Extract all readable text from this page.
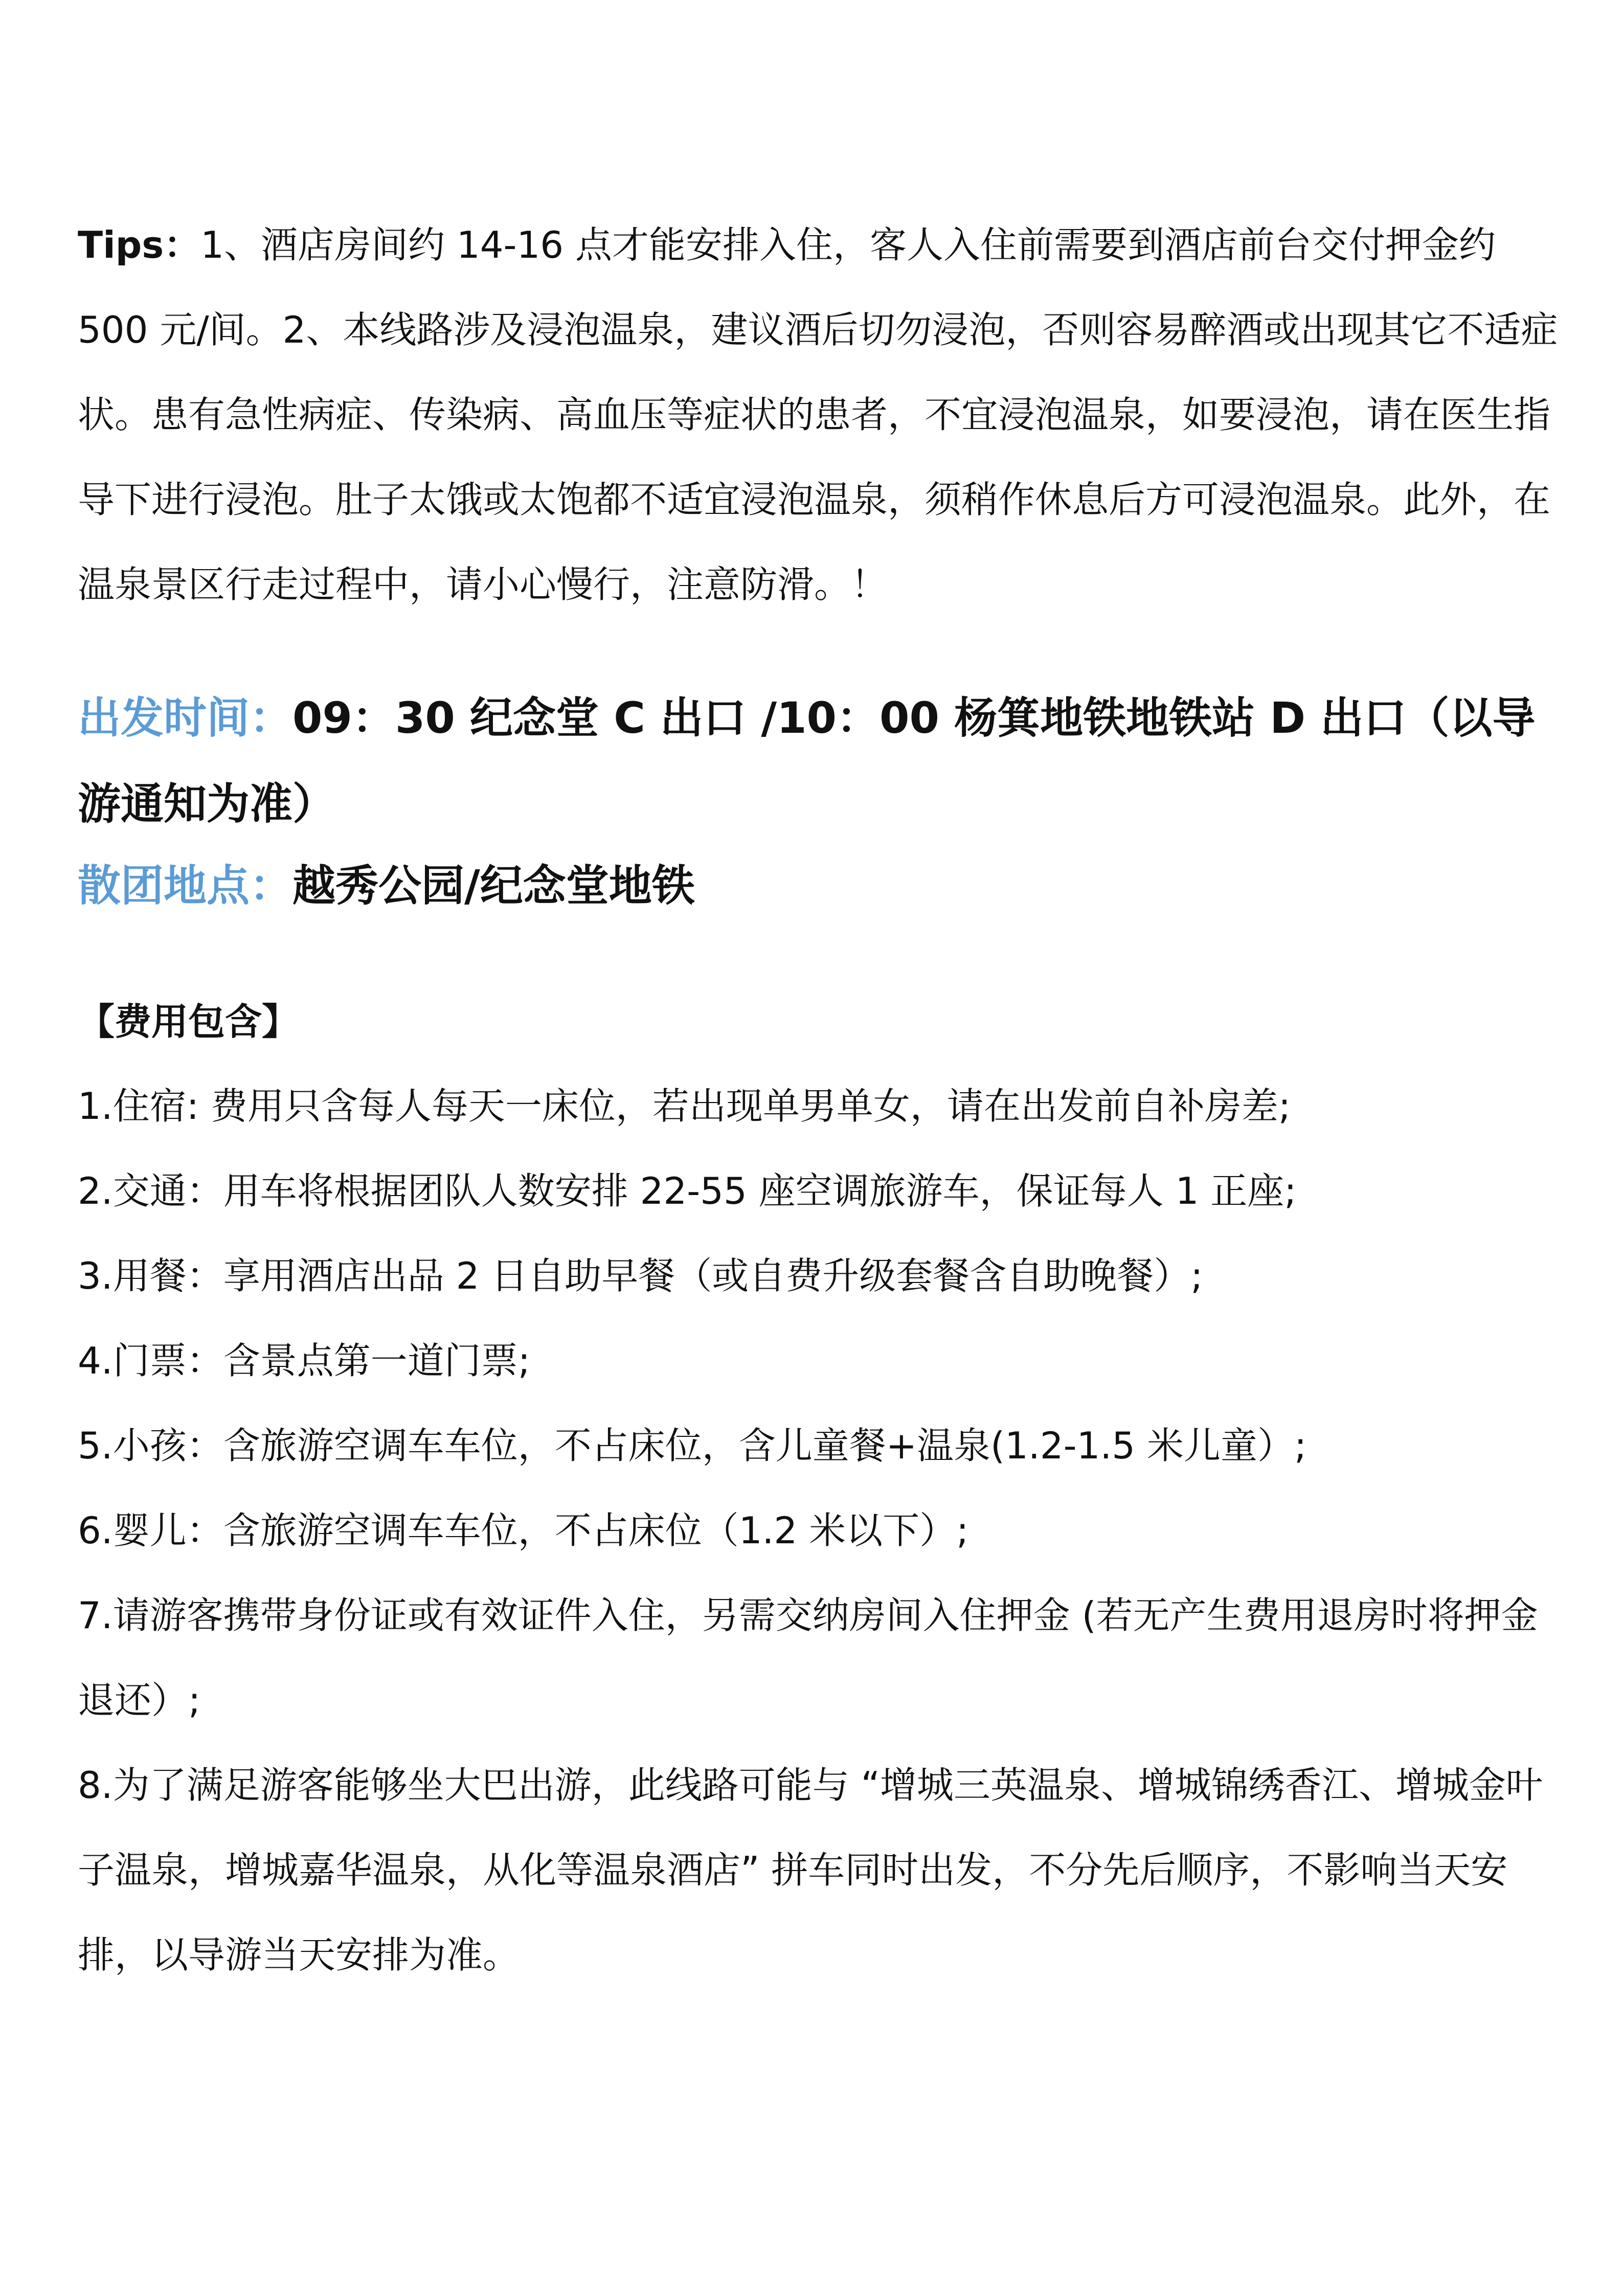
Tips：1、酒店房间约 14-16 点才能安排入住，客人入住前需要到酒店前台交付押金约 500 元/间。2、本线路涉及浸泡温泉，建议酒后切勿浸泡，否则容易醉酒或出现其它不适症状。患有急性病症、传染病、高血压等症状的患者，不宜浸泡温泉，如要浸泡，请在医生指导下进行浸泡。肚子太饿或太饱都不适宜浸泡温泉，须稍作休息后方可浸泡温泉。此外，在温泉景区行走过程中，请小心慢行，注意防滑。！

出发时间：09：30 纪念堂 C 出口 /10：00 杨箕地铁地铁站 D 出口（以导游通知为准）

散团地点：越秀公园/纪念堂地铁

【费用包含】

1.住宿: 费用只含每人每天一床位，若出现单男单女，请在出发前自补房差;
2.交通：用车将根据团队人数安排 22-55 座空调旅游车，保证每人 1 正座;
3.用餐：享用酒店出品 2 日自助早餐（或自费升级套餐含自助晚餐）;
4.门票：含景点第一道门票;
5.小孩：含旅游空调车车位，不占床位，含儿童餐+温泉(1.2-1.5 米儿童）;
6.婴儿：含旅游空调车车位，不占床位（1.2 米以下）;
7.请游客携带身份证或有效证件入住，另需交纳房间入住押金 (若无产生费用退房时将押金退还）;
8.为了满足游客能够坐大巴出游，此线路可能与 “增城三英温泉、增城锦绣香江、增城金叶子温泉，增城嘉华温泉，从化等温泉酒店” 拼车同时出发，不分先后顺序，不影响当天安排，以导游当天安排为准。
